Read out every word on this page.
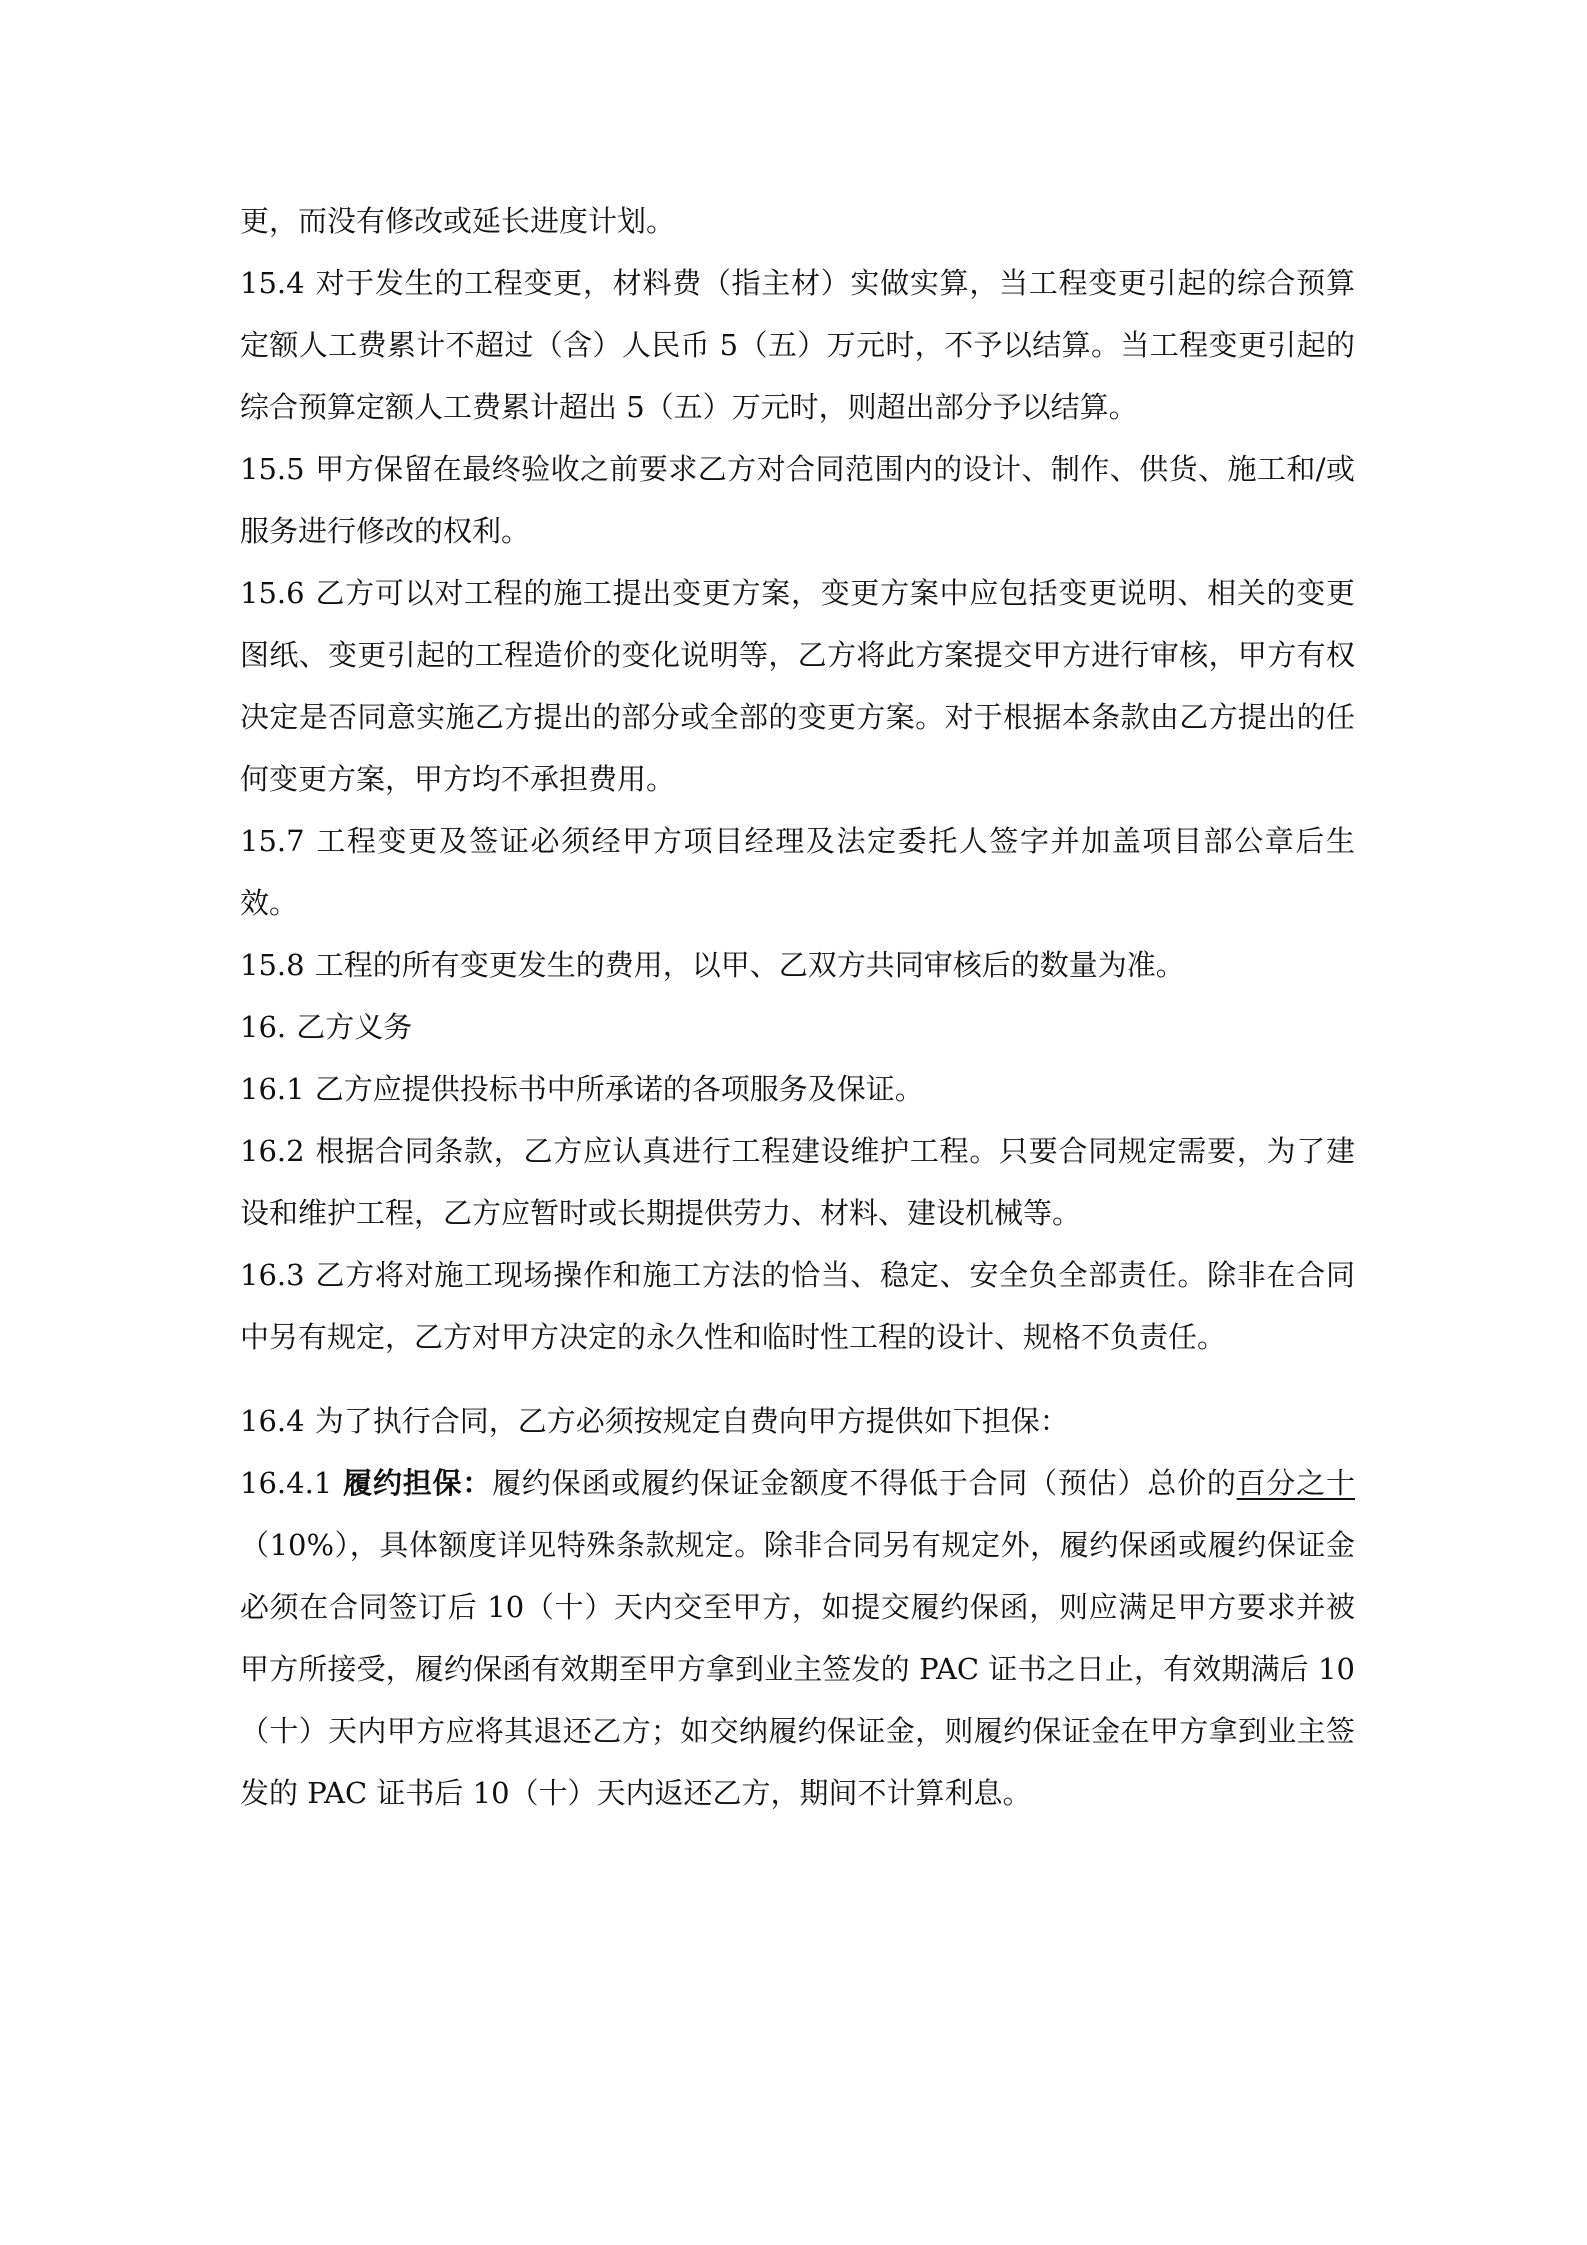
更，而没有修改或延长进度计划。

15.4 对于发生的工程变更，材料费（指主材）实做实算，当工程变更引起的综合预算定额人工费累计不超过（含）人民币 5（五）万元时，不予以结算。当工程变更引起的综合预算定额人工费累计超出 5（五）万元时，则超出部分予以结算。

15.5 甲方保留在最终验收之前要求乙方对合同范围内的设计、制作、供货、施工和/或服务进行修改的权利。

15.6 乙方可以对工程的施工提出变更方案，变更方案中应包括变更说明、相关的变更图纸、变更引起的工程造价的变化说明等，乙方将此方案提交甲方进行审核，甲方有权决定是否同意实施乙方提出的部分或全部的变更方案。对于根据本条款由乙方提出的任何变更方案，甲方均不承担费用。

15.7 工程变更及签证必须经甲方项目经理及法定委托人签字并加盖项目部公章后生效。

15.8 工程的所有变更发生的费用，以甲、乙双方共同审核后的数量为准。

16. 乙方义务

16.1 乙方应提供投标书中所承诺的各项服务及保证。

16.2 根据合同条款，乙方应认真进行工程建设维护工程。只要合同规定需要，为了建设和维护工程，乙方应暂时或长期提供劳力、材料、建设机械等。

16.3 乙方将对施工现场操作和施工方法的恰当、稳定、安全负全部责任。除非在合同中另有规定，乙方对甲方决定的永久性和临时性工程的设计、规格不负责任。

16.4 为了执行合同，乙方必须按规定自费向甲方提供如下担保：

16.4.1 履约担保：履约保函或履约保证金额度不得低于合同（预估）总价的百分之十（10%），具体额度详见特殊条款规定。除非合同另有规定外，履约保函或履约保证金必须在合同签订后 10（十）天内交至甲方，如提交履约保函，则应满足甲方要求并被甲方所接受，履约保函有效期至甲方拿到业主签发的 PAC 证书之日止，有效期满后 10（十）天内甲方应将其退还乙方；如交纳履约保证金，则履约保证金在甲方拿到业主签发的 PAC 证书后 10（十）天内返还乙方，期间不计算利息。
